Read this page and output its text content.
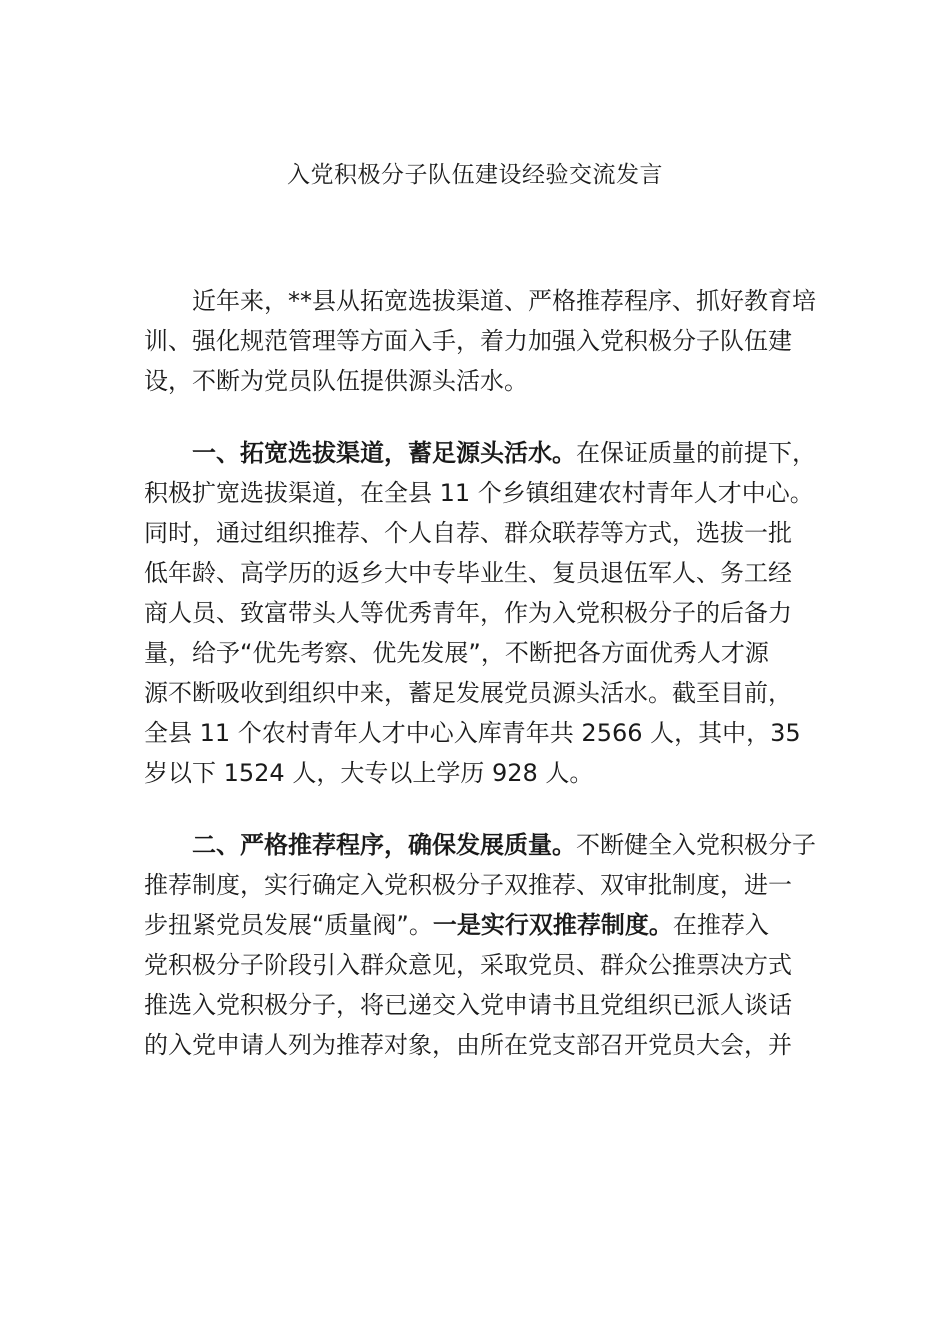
入党积极分子队伍建设经验交流发言

近年来，**县从拓宽选拔渠道、严格推荐程序、抓好教育培
训、强化规范管理等方面入手，着力加强入党积极分子队伍建
设，不断为党员队伍提供源头活水。

一、拓宽选拔渠道，蓄足源头活水。在保证质量的前提下，
积极扩宽选拔渠道，在全县 11 个乡镇组建农村青年人才中心。
同时，通过组织推荐、个人自荐、群众联荐等方式，选拔一批
低年龄、高学历的返乡大中专毕业生、复员退伍军人、务工经
商人员、致富带头人等优秀青年，作为入党积极分子的后备力
量，给予“优先考察、优先发展”，不断把各方面优秀人才源
源不断吸收到组织中来，蓄足发展党员源头活水。截至目前，
全县 11 个农村青年人才中心入库青年共 2566 人，其中，35
岁以下 1524 人，大专以上学历 928 人。

二、严格推荐程序，确保发展质量。不断健全入党积极分子
推荐制度，实行确定入党积极分子双推荐、双审批制度，进一
步扭紧党员发展“质量阀”。一是实行双推荐制度。在推荐入
党积极分子阶段引入群众意见，采取党员、群众公推票决方式
推选入党积极分子，将已递交入党申请书且党组织已派人谈话
的入党申请人列为推荐对象，由所在党支部召开党员大会，并
